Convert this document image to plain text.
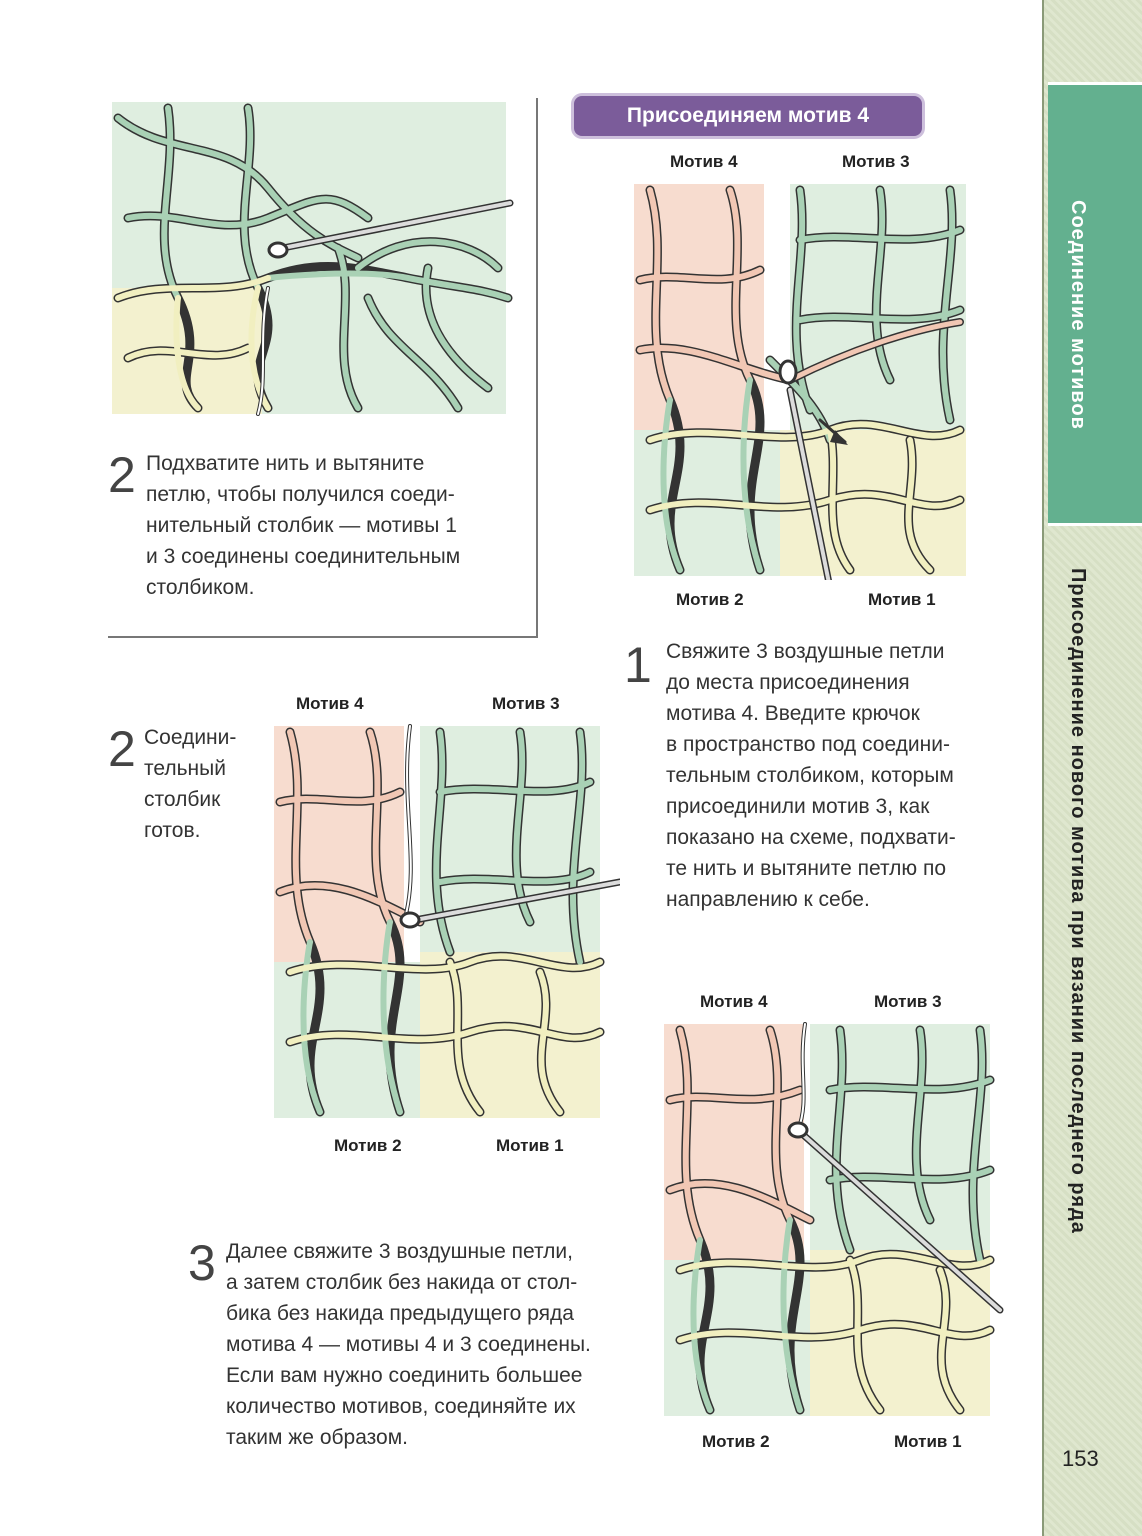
Соединение мотивов
Присоединение нового мотива при вязании последнего ряда
153
Присоединяем мотив 4
2 Подхватите нить и вытяните

петлю, чтобы получился соеди-

нительный столбик — мотивы 1

и 3 соединены соединительным

столбиком.

Мотив 4	Мотив 3
Мотив 2	Мотив 1
1 Свяжите 3 воздушные петли

до места присоединения

мотива 4. Введите крючок

в пространство под соедини-

тельным столбиком, которым

присоединили мотив 3, как

показано на схеме, подхвати-

те нить и вытяните петлю по

направлению к себе.

2 Соедини-

тельный

столбик

готов.

Мотив 4	Мотив 3
Мотив 2	Мотив 1
Мотив 4	Мотив 3
Мотив 2	Мотив 1
3 Далее свяжите 3 воздушные петли,

а затем столбик без накида от стол-

бика без накида предыдущего ряда

мотива 4 — мотивы 4 и 3 соединены.

Если вам нужно соединить большее

количество мотивов, соединяйте их

таким же образом.
